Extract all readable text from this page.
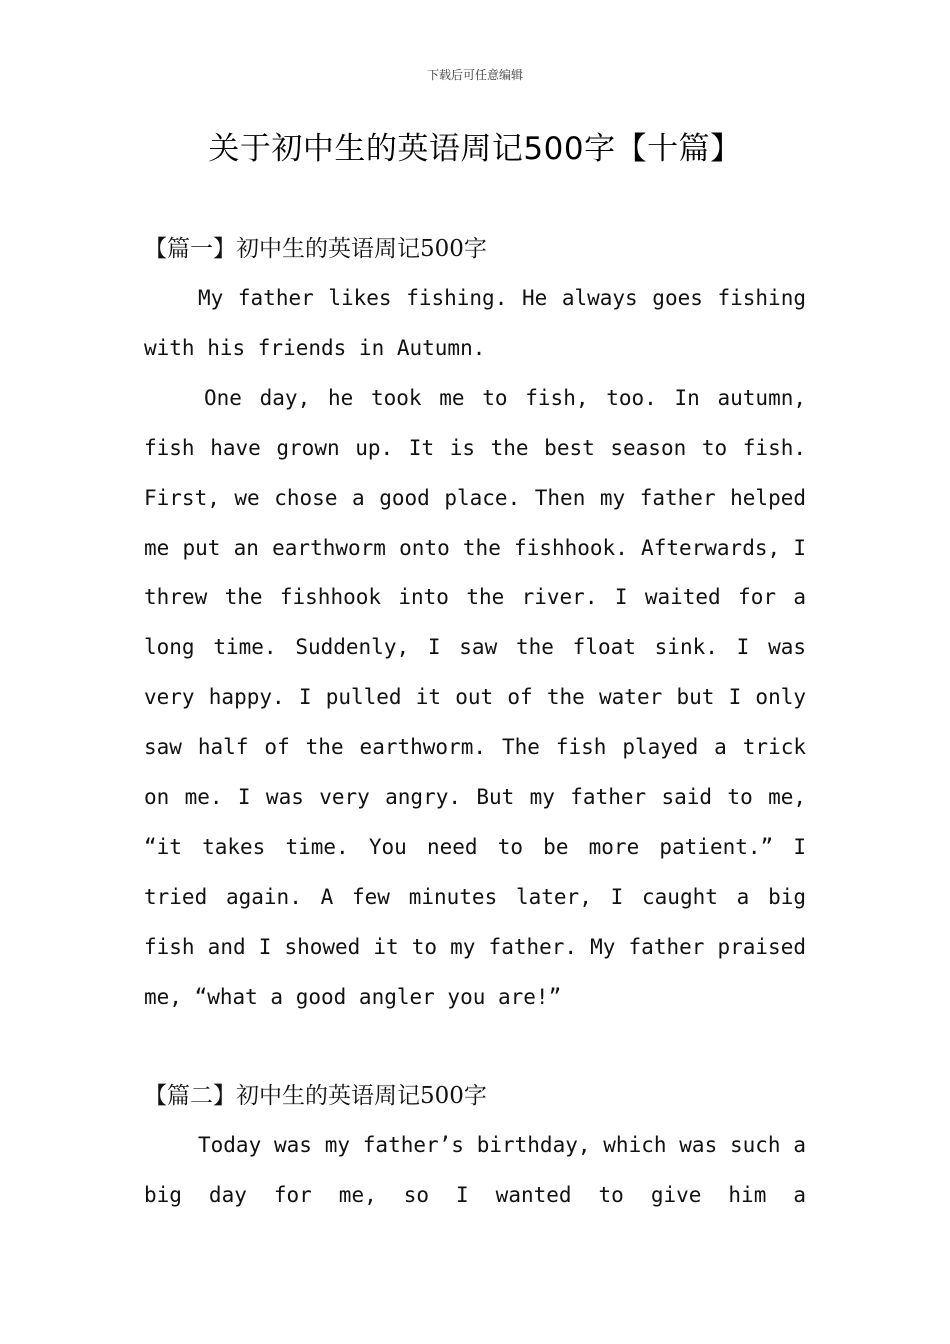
下载后可任意编辑
关于初中生的英语周记500字【十篇】
【篇一】初中生的英语周记500字

My father likes fishing. He always goes fishing with his friends in Autumn.

One day, he took me to fish, too. In autumn, fish have grown up. It is the best season to fish. First, we chose a good place. Then my father helped me put an earthworm onto the fishhook. Afterwards, I threw the fishhook into the river. I waited for a long time. Suddenly, I saw the float sink. I was very happy. I pulled it out of the water but I only saw half of the earthworm. The fish played a trick on me. I was very angry. But my father said to me, “it takes time. You need to be more patient.” I tried again. A few minutes later, I caught a big fish and I showed it to my father. My father praised me, “what a good angler you are!”

【篇二】初中生的英语周记500字

Today was my father’s birthday, which was such a big day for me, so I wanted to give him a
